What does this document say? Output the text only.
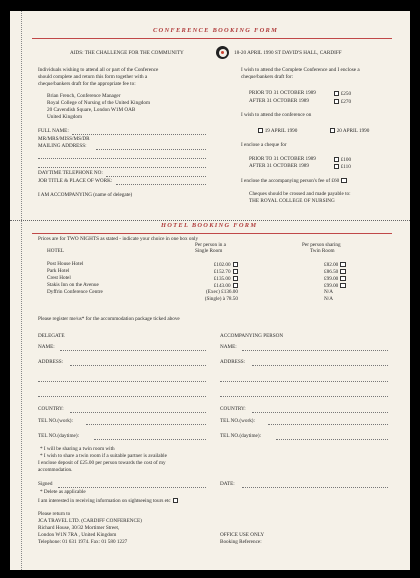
CONFERENCE BOOKING FORM
AIDS: THE CHALLENGE FOR THE COMMUNITY	18-20 APRIL 1990 ST DAVID'S HALL, CARDIFF
Individuals wishing to attend all or part of the Conference
should complete and return this form together with a
cheque/bankers draft for the appropriate fee to:
Brian French, Conference Manager
Royal College of Nursing of the United Kingdom
20 Cavendish Square, London W1M OAB
United Kingdom
FULL NAME:
MR/MRS/MISS/MS/DR
MAILING ADDRESS:
DAYTIME TELEPHONE NO:
JOB TITLE & PLACE OF WORK:
I AM ACCOMPANYING (name of delegate)
I wish to attend the Complete Conference and I enclose a
cheque/bankers draft for:
PRIOR TO 31 OCTOBER 1989	£250
AFTER 31 OCTOBER 1989	£270
I wish to attend the conference on
19 APRIL 1990	20 APRIL 1990
I enclose a cheque for
PRIOR TO 31 OCTOBER 1989	£100
AFTER 31 OCTOBER 1989	£110
I enclose the accompanying person's fee of £60
Cheques should be crossed and made payable to:
THE ROYAL COLLEGE OF NURSING
HOTEL BOOKING FORM
Prices are for TWO NIGHTS as stated - indicate your choice in one box only
HOTEL
Per person in a
Single Room
Per person sharing
Twin Room
Post House Hotel	£102.00	£82.00
Park Hotel	£152.70	£86.50
Crest Hotel	£135.00	£99.00
Stakis Inn on the Avenue	£143.00	£99.00
Dyffrin Conference Centre	(Exec) £136.00	N/A
(Single) à 78.50	N/A
Please register me/us* for the accommodation package ticked above
DELEGATE	ACCOMPANYING PERSON
NAME:	NAME:
ADDRESS:	ADDRESS:
COUNTRY:	COUNTRY:
TEL NO.(work):	TEL NO.(work):
TEL NO.(daytime):	TEL NO.(daytime):
* I will be sharing a twin room with
* I wish to share a twin room if a suitable partner is available
I enclose deposit of £25.00 per person towards the cost of my
accommodation.
Signed	DATE:
* Delete as applicable
I am interested in receiving information on sightseeing tours etc
Please return to
JCA TRAVEL LTD. (CARDIFF CONFERENCE)
Richard House, 30/32 Mortimer Street,
London W1N 7RA , United Kingdom
Telephone: 01 631 1974. Fax: 01 580 1227
OFFICE USE ONLY
Booking Reference:
